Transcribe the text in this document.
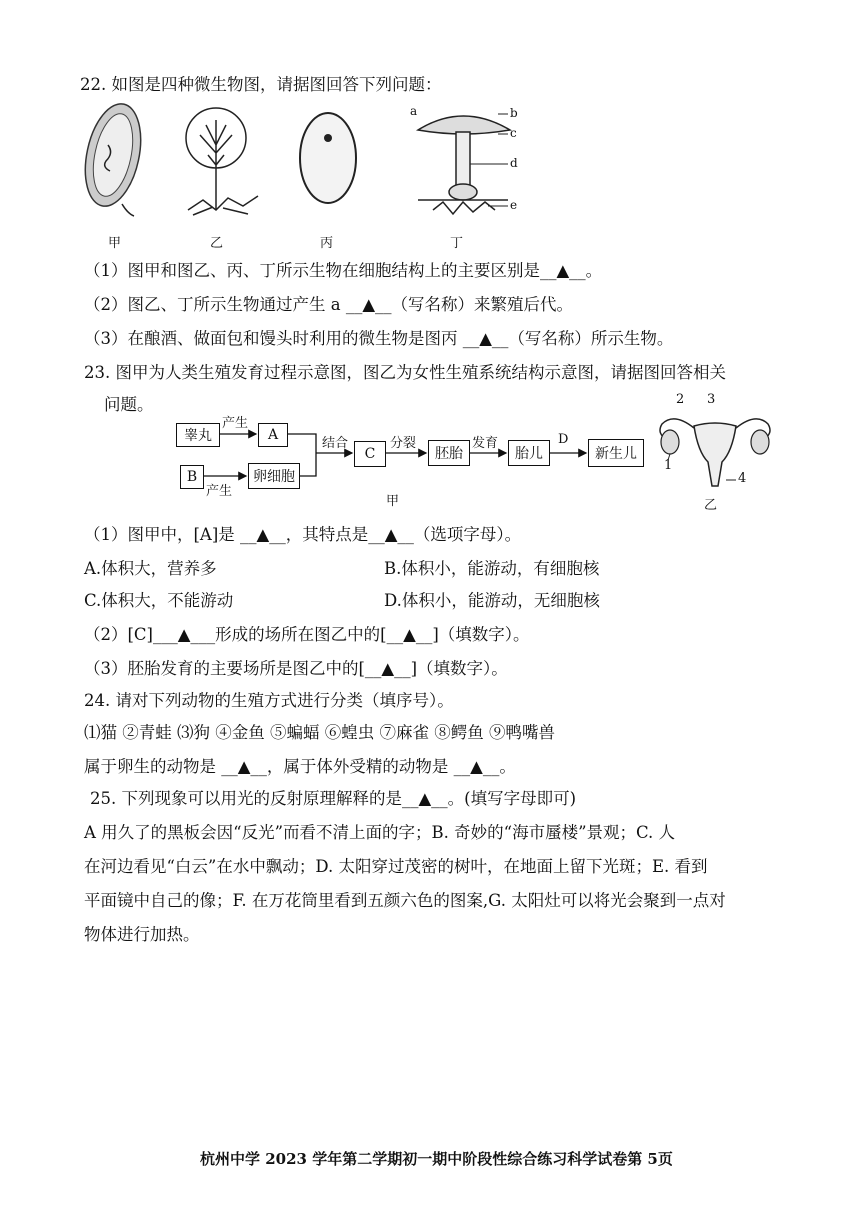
22. 如图是四种微生物图，请据图回答下列问题：
a	b
c
d
e
甲	乙	丙	丁
（1）图甲和图乙、丙、丁所示生物在细胞结构上的主要区别是__▲__。
（2）图乙、丁所示生物通过产生 a __▲__（写名称）来繁殖后代。
（3）在酿酒、做面包和馒头时利用的微生物是图丙 __▲__（写名称）所示生物。
23. 图甲为人类生殖发育过程示意图，图乙为女性生殖系统结构示意图，请据图回答相关
问题。
睾丸
产生
A
B
产生
卵细胞
结合
C
分裂
胚胎
发育
胎儿
D
新生儿
甲
2 3
1
4
乙
（1）图甲中，[A]是 __▲__，其特点是__▲__（选项字母）。
A.体积大，营养多	B.体积小，能游动，有细胞核
C.体积大，不能游动	D.体积小，能游动，无细胞核
（2）[C]___▲___形成的场所在图乙中的[__▲__]（填数字）。
（3）胚胎发育的主要场所是图乙中的[__▲__]（填数字）。
24. 请对下列动物的生殖方式进行分类（填序号）。
⑴猫 ②青蛙 ⑶狗 ④金鱼 ⑤蝙蝠 ⑥蝗虫 ⑦麻雀 ⑧鳄鱼 ⑨鸭嘴兽
属于卵生的动物是 __▲__，属于体外受精的动物是 __▲__。
25. 下列现象可以用光的反射原理解释的是__▲__。(填写字母即可)
A 用久了的黑板会因“反光”而看不清上面的字；B. 奇妙的“海市蜃楼”景观；C. 人
在河边看见“白云”在水中飘动；D. 太阳穿过茂密的树叶，在地面上留下光斑；E. 看到
平面镜中自己的像；F. 在万花筒里看到五颜六色的图案,G. 太阳灶可以将光会聚到一点对
物体进行加热。
杭州中学 2023 学年第二学期初一期中阶段性综合练习科学试卷第 5页
